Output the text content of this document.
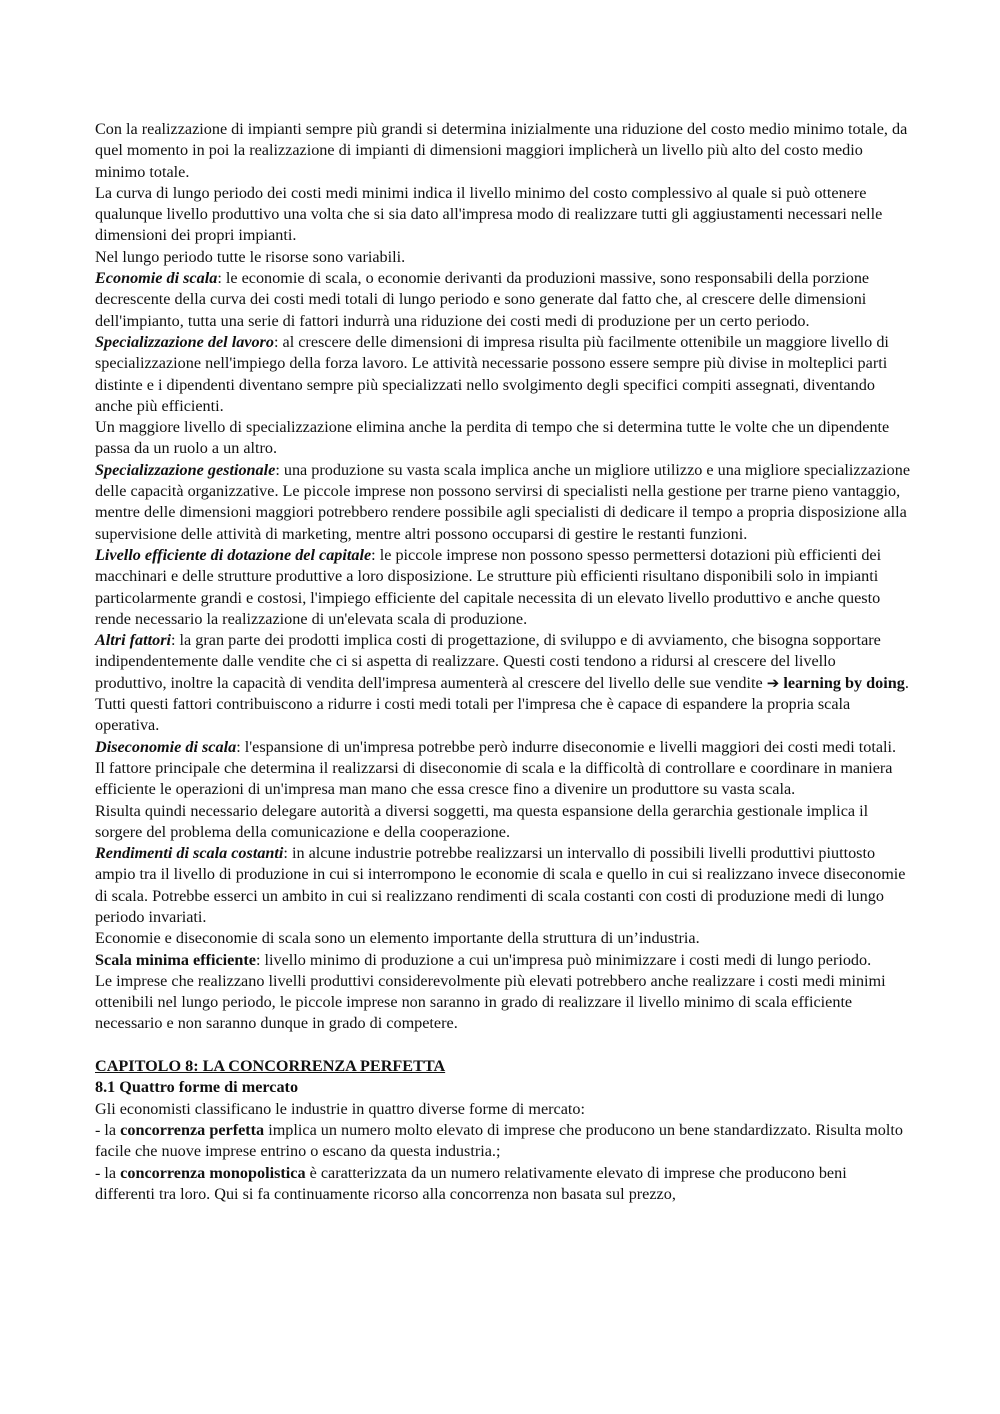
Con la realizzazione di impianti sempre più grandi si determina inizialmente una riduzione del costo medio minimo totale, da quel momento in poi la realizzazione di impianti di dimensioni maggiori implicherà un livello più alto del costo medio minimo totale.

La curva di lungo periodo dei costi medi minimi indica il livello minimo del costo complessivo al quale si può ottenere qualunque livello produttivo una volta che si sia dato all'impresa modo di realizzare tutti gli aggiustamenti necessari nelle dimensioni dei propri impianti.

Nel lungo periodo tutte le risorse sono variabili.

Economie di scala: le economie di scala, o economie derivanti da produzioni massive, sono responsabili della porzione decrescente della curva dei costi medi totali di lungo periodo e sono generate dal fatto che, al crescere delle dimensioni dell'impianto, tutta una serie di fattori indurrà una riduzione dei costi medi di produzione per un certo periodo.

Specializzazione del lavoro: al crescere delle dimensioni di impresa risulta più facilmente ottenibile un maggiore livello di specializzazione nell'impiego della forza lavoro. Le attività necessarie possono essere sempre più divise in molteplici parti distinte e i dipendenti diventano sempre più specializzati nello svolgimento degli specifici compiti assegnati, diventando anche più efficienti.

Un maggiore livello di specializzazione elimina anche la perdita di tempo che si determina tutte le volte che un dipendente passa da un ruolo a un altro.

Specializzazione gestionale: una produzione su vasta scala implica anche un migliore utilizzo e una migliore specializzazione delle capacità organizzative. Le piccole imprese non possono servirsi di specialisti nella gestione per trarne pieno vantaggio, mentre delle dimensioni maggiori potrebbero rendere possibile agli specialisti di dedicare il tempo a propria disposizione alla supervisione delle attività di marketing, mentre altri possono occuparsi di gestire le restanti funzioni.

Livello efficiente di dotazione del capitale: le piccole imprese non possono spesso permettersi dotazioni più efficienti dei macchinari e delle strutture produttive a loro disposizione. Le strutture più efficienti risultano disponibili solo in impianti particolarmente grandi e costosi, l'impiego efficiente del capitale necessita di un elevato livello produttivo e anche questo rende necessario la realizzazione di un'elevata scala di produzione.

Altri fattori: la gran parte dei prodotti implica costi di progettazione, di sviluppo e di avviamento, che bisogna sopportare indipendentemente dalle vendite che ci si aspetta di realizzare. Questi costi tendono a ridursi al crescere del livello produttivo, inoltre la capacità di vendita dell'impresa aumenterà al crescere del livello delle sue vendite ➔ learning by doing.

Tutti questi fattori contribuiscono a ridurre i costi medi totali per l'impresa che è capace di espandere la propria scala operativa.

Diseconomie di scala: l'espansione di un'impresa potrebbe però indurre diseconomie e livelli maggiori dei costi medi totali. Il fattore principale che determina il realizzarsi di diseconomie di scala e la difficoltà di controllare e coordinare in maniera efficiente le operazioni di un'impresa man mano che essa cresce fino a divenire un produttore su vasta scala.

Risulta quindi necessario delegare autorità a diversi soggetti, ma questa espansione della gerarchia gestionale implica il sorgere del problema della comunicazione e della cooperazione.

Rendimenti di scala costanti: in alcune industrie potrebbe realizzarsi un intervallo di possibili livelli produttivi piuttosto ampio tra il livello di produzione in cui si interrompono le economie di scala e quello in cui si realizzano invece diseconomie di scala. Potrebbe esserci un ambito in cui si realizzano rendimenti di scala costanti con costi di produzione medi di lungo periodo invariati.

Economie e diseconomie di scala sono un elemento importante della struttura di un’industria.

Scala minima efficiente: livello minimo di produzione a cui un'impresa può minimizzare i costi medi di lungo periodo.

Le imprese che realizzano livelli produttivi considerevolmente più elevati potrebbero anche realizzare i costi medi minimi ottenibili nel lungo periodo, le piccole imprese non saranno in grado di realizzare il livello minimo di scala efficiente necessario e non saranno dunque in grado di competere.

CAPITOLO 8: LA CONCORRENZA PERFETTA

8.1 Quattro forme di mercato

Gli economisti classificano le industrie in quattro diverse forme di mercato:

- la concorrenza perfetta implica un numero molto elevato di imprese che producono un bene standardizzato. Risulta molto facile che nuove imprese entrino o escano da questa industria.;

- la concorrenza monopolistica è caratterizzata da un numero relativamente elevato di imprese che producono beni differenti tra loro. Qui si fa continuamente ricorso alla concorrenza non basata sul prezzo,
